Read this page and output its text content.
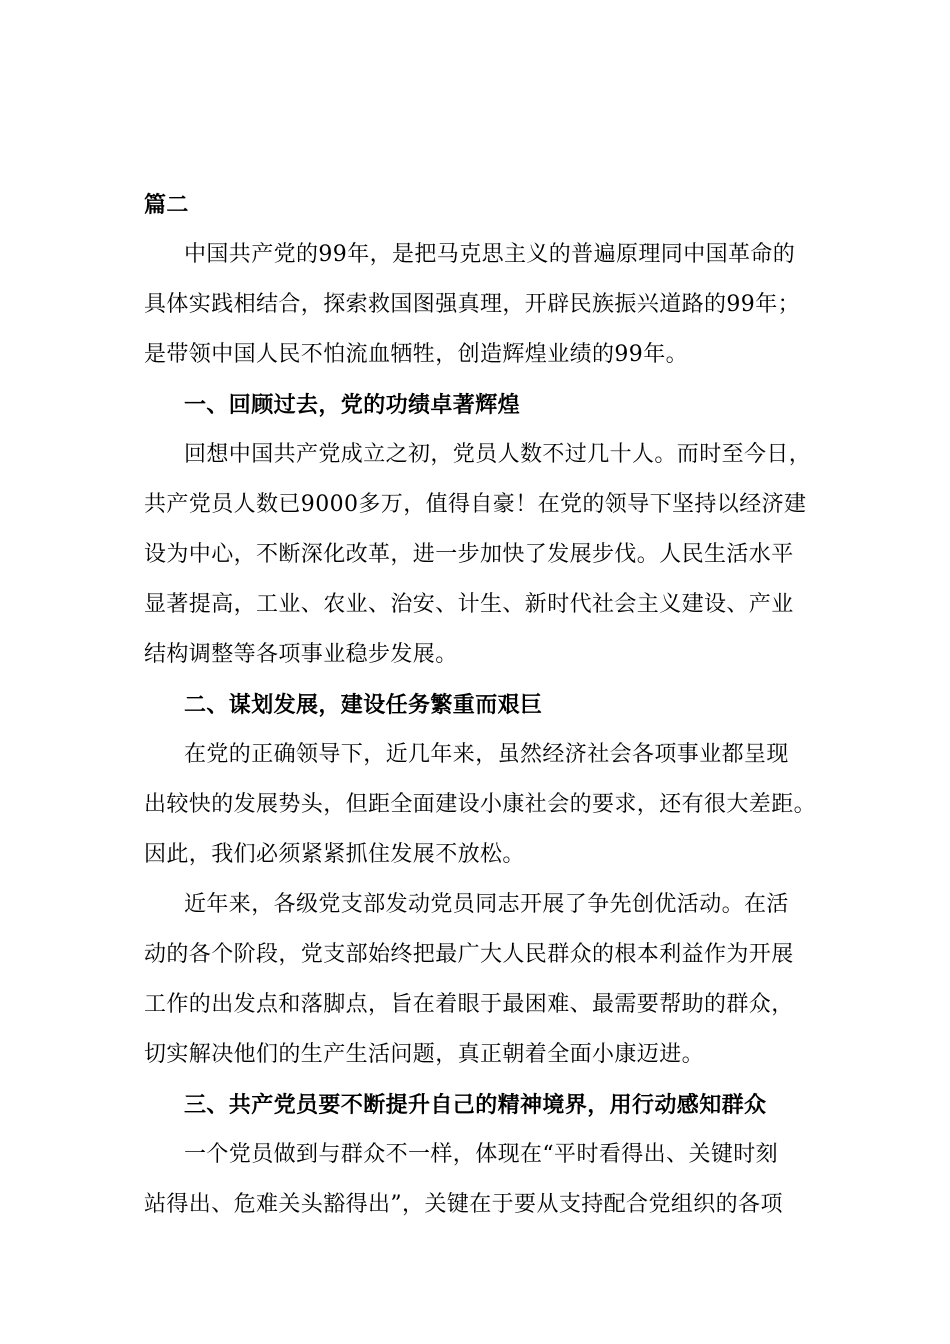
篇二
中国共产党的99年，是把马克思主义的普遍原理同中国革命的
具体实践相结合，探索救国图强真理，开辟民族振兴道路的99年；
是带领中国人民不怕流血牺牲，创造辉煌业绩的99年。
一、回顾过去，党的功绩卓著辉煌
回想中国共产党成立之初，党员人数不过几十人。而时至今日，
共产党员人数已9000多万，值得自豪！在党的领导下坚持以经济建
设为中心，不断深化改革，进一步加快了发展步伐。人民生活水平
显著提高，工业、农业、治安、计生、新时代社会主义建设、产业
结构调整等各项事业稳步发展。
二、谋划发展，建设任务繁重而艰巨
在党的正确领导下，近几年来，虽然经济社会各项事业都呈现
出较快的发展势头，但距全面建设小康社会的要求，还有很大差距。
因此，我们必须紧紧抓住发展不放松。
近年来，各级党支部发动党员同志开展了争先创优活动。在活
动的各个阶段，党支部始终把最广大人民群众的根本利益作为开展
工作的出发点和落脚点，旨在着眼于最困难、最需要帮助的群众，
切实解决他们的生产生活问题，真正朝着全面小康迈进。
三、共产党员要不断提升自己的精神境界，用行动感知群众
一个党员做到与群众不一样，体现在“平时看得出、关键时刻
站得出、危难关头豁得出”，关键在于要从支持配合党组织的各项
